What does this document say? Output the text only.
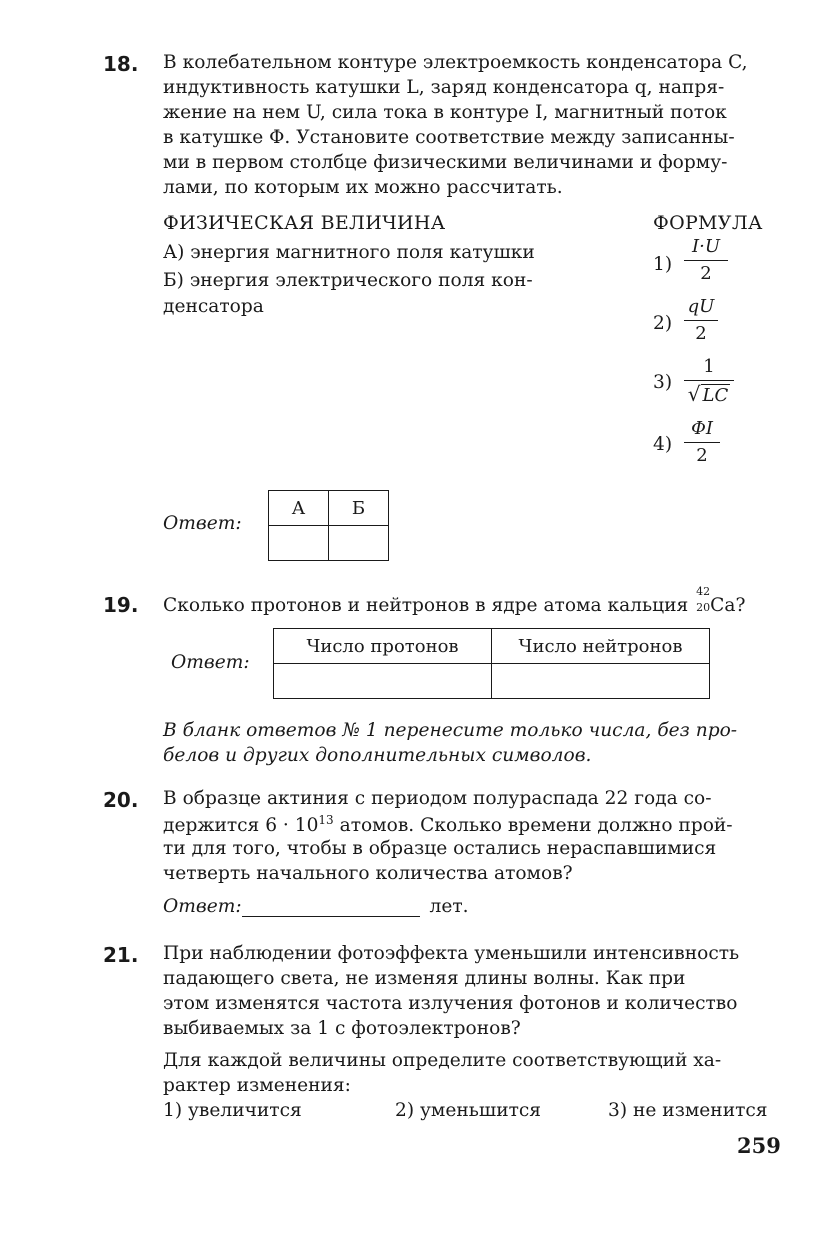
18. В колебательном контуре электроемкость конденсатора C,
индуктивность катушки L, заряд конденсатора q, напря-
жение на нем U, сила тока в контуре I, магнитный поток
в катушке Φ. Установите соответствие между записанны-
ми в первом столбце физическими величинами и форму-
лами, по которым их можно рассчитать.
ФИЗИЧЕСКАЯ ВЕЛИЧИНА	ФОРМУЛА
А) энергия магнитного поля катушки
Б) энергия электрического поля кон-
денсатора
1)
I·U
2
2)
qU
2
3)
1
√ LC
4)
ΦI
2
Ответ:
А	Б

19. Сколько протонов и нейтронов в ядре атома кальция
42
20 Ca?
Ответ:
Число протонов	Число нейтронов

В бланк ответов № 1 перенесите только числа, без про-
белов и других дополнительных символов.
20. В образце актиния с периодом полураспада 22 года со-
держится $6 \cdot 10^{13}$ атомов. Сколько времени должно прой-
ти для того, чтобы в образце остались нераспавшимися
четверть начального количества атомов?
Ответ:	лет.
21. При наблюдении фотоэффекта уменьшили интенсивность
падающего света, не изменяя длины волны. Как при
этом изменятся частота излучения фотонов и количество
выбиваемых за 1 с фотоэлектронов?
Для каждой величины определите соответствующий ха-
рактер изменения:
1) увеличится	2) уменьшится	3) не изменится
259
